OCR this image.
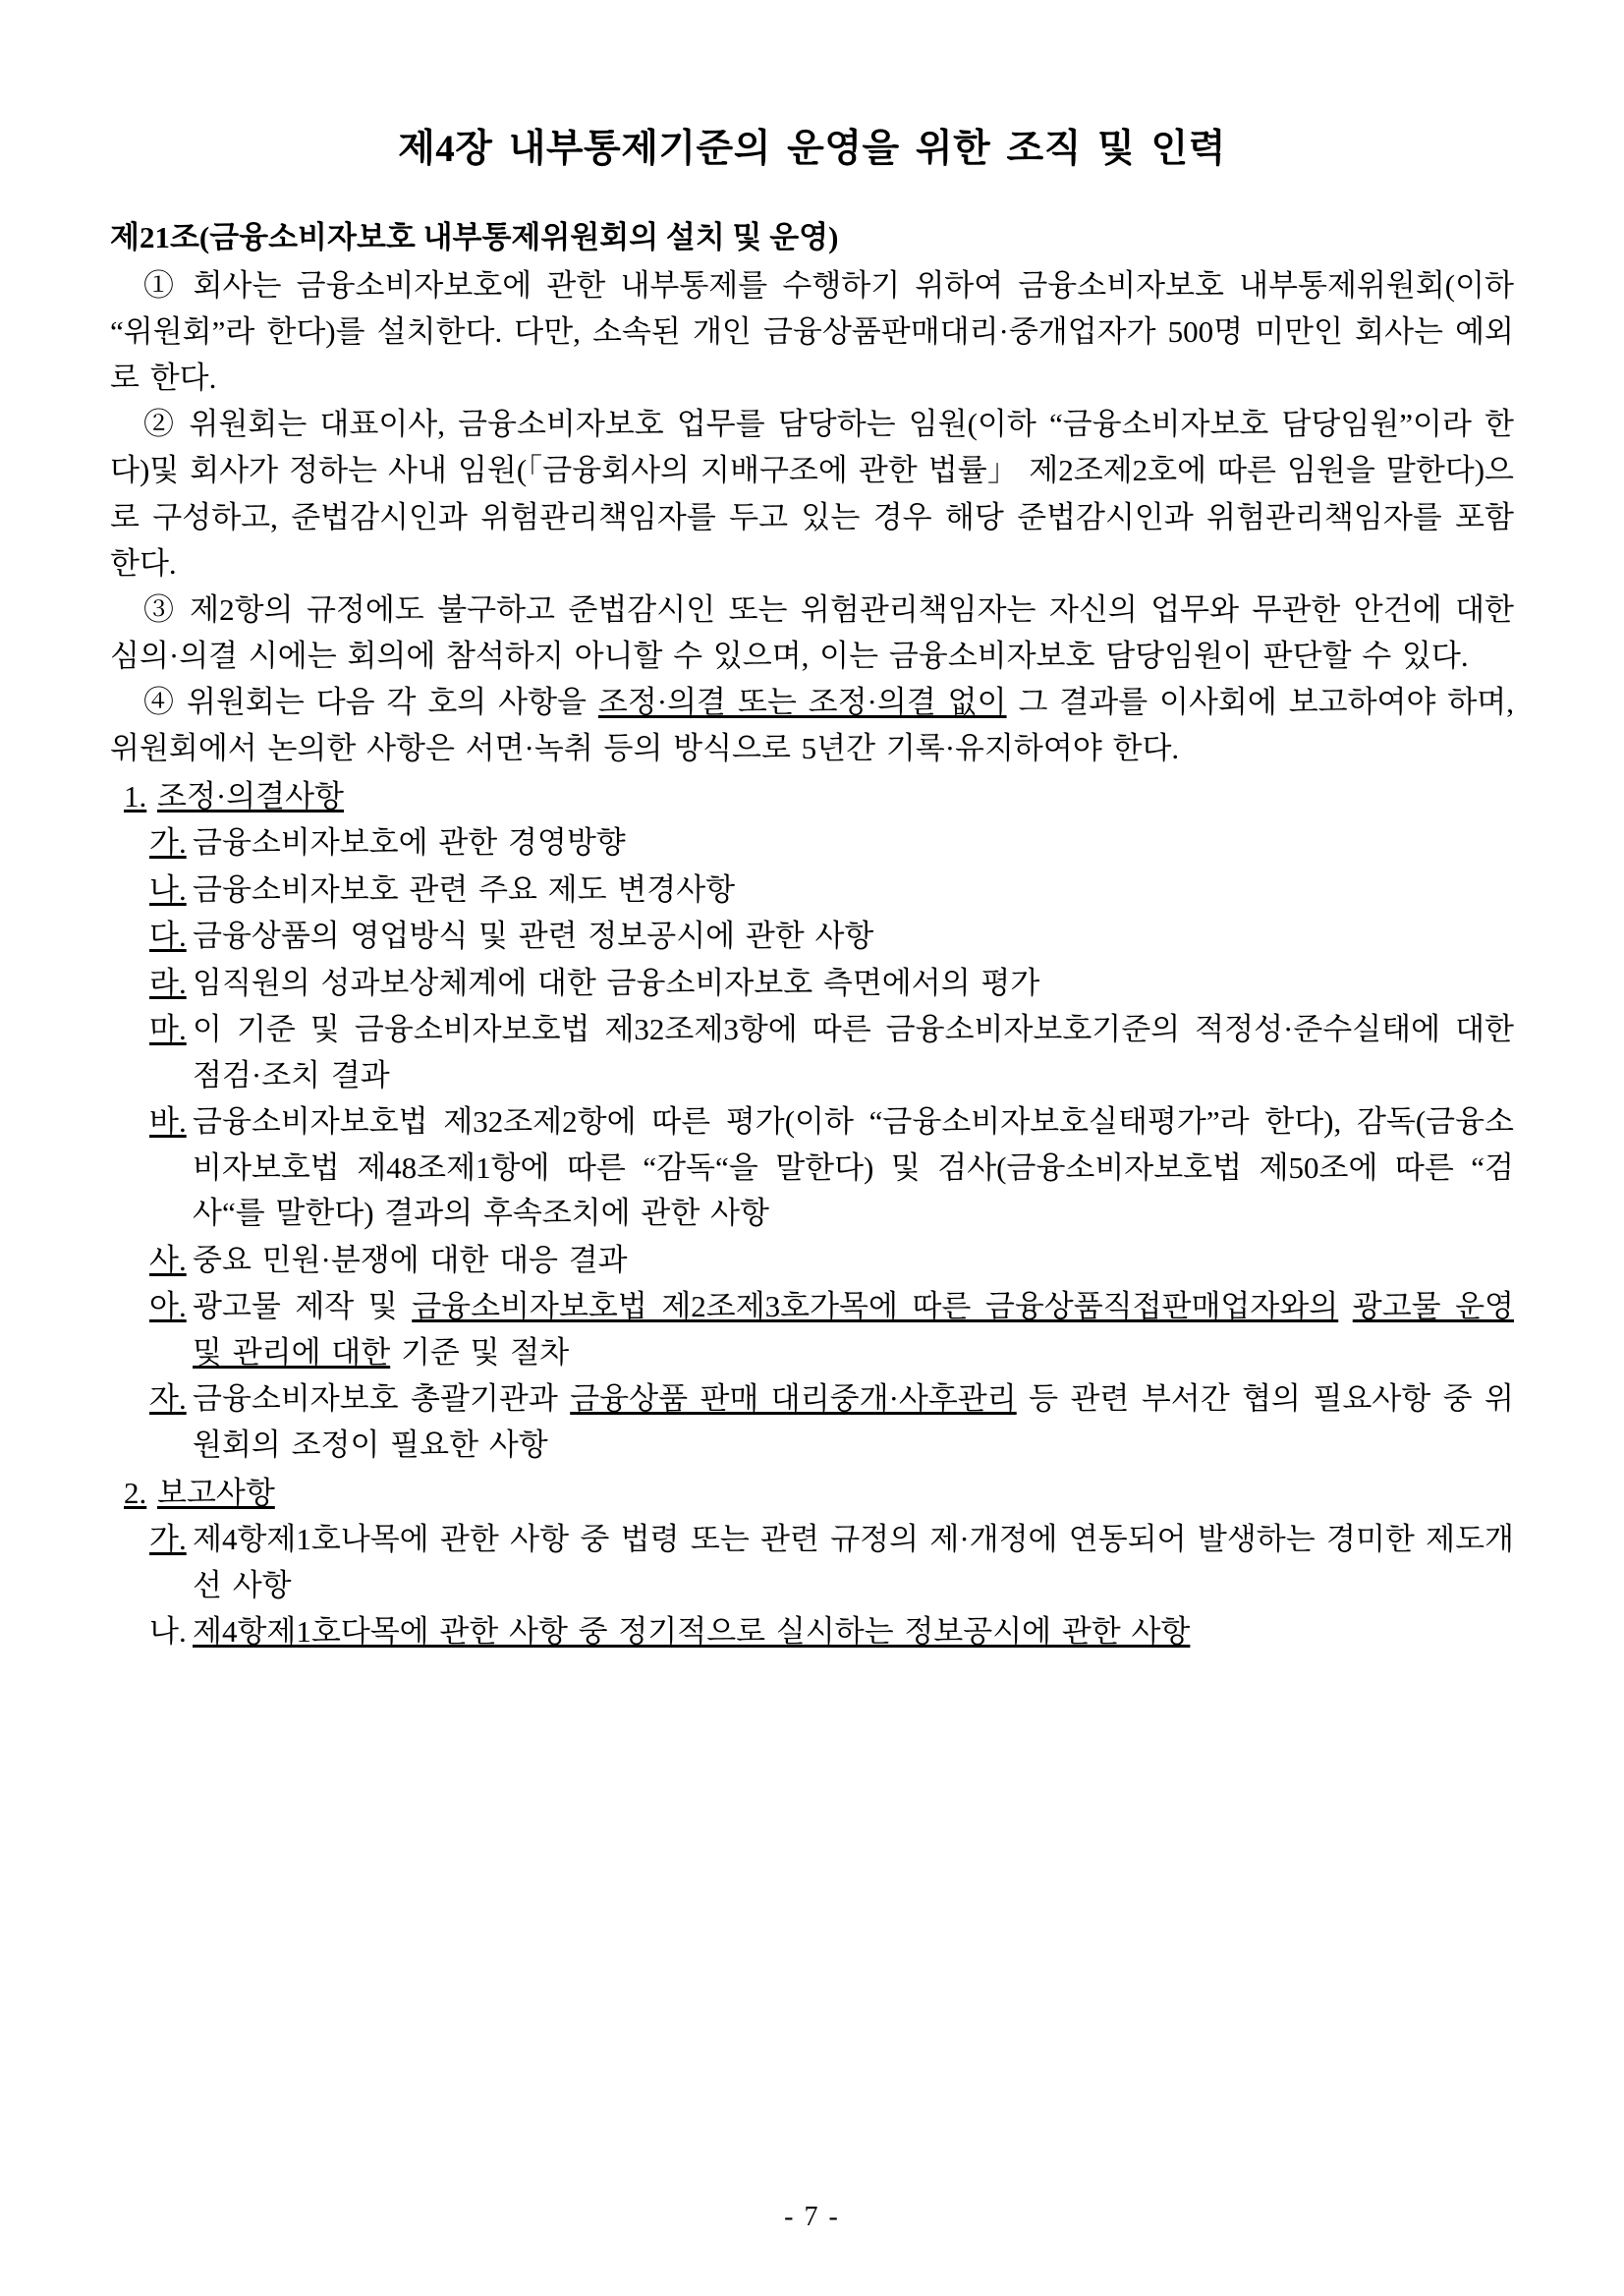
제4장 내부통제기준의 운영을 위한 조직 및 인력
제21조(금융소비자보호 내부통제위원회의 설치 및 운영)

① 회사는 금융소비자보호에 관한 내부통제를 수행하기 위하여 금융소비자보호 내부통제위원회(이하 “위원회”라 한다)를 설치한다. 다만, 소속된 개인 금융상품판매대리·중개업자가 500명 미만인 회사는 예외로 한다.

② 위원회는 대표이사, 금융소비자보호 업무를 담당하는 임원(이하 “금융소비자보호 담당임원”이라 한다)및 회사가 정하는 사내 임원(「금융회사의 지배구조에 관한 법률」 제2조제2호에 따른 임원을 말한다)으로 구성하고, 준법감시인과 위험관리책임자를 두고 있는 경우 해당 준법감시인과 위험관리책임자를 포함한다.

③ 제2항의 규정에도 불구하고 준법감시인 또는 위험관리책임자는 자신의 업무와 무관한 안건에 대한 심의·의결 시에는 회의에 참석하지 아니할 수 있으며, 이는 금융소비자보호 담당임원이 판단할 수 있다.

④ 위원회는 다음 각 호의 사항을 조정·의결 또는 조정·의결 없이 그 결과를 이사회에 보고하여야 하며, 위원회에서 논의한 사항은 서면·녹취 등의 방식으로 5년간 기록·유지하여야 한다.

1. 조정·의결사항
가. 금융소비자보호에 관한 경영방향
나. 금융소비자보호 관련 주요 제도 변경사항
다. 금융상품의 영업방식 및 관련 정보공시에 관한 사항
라. 임직원의 성과보상체계에 대한 금융소비자보호 측면에서의 평가
마. 이 기준 및 금융소비자보호법 제32조제3항에 따른 금융소비자보호기준의 적정성·준수실태에 대한 점검·조치 결과
바. 금융소비자보호법 제32조제2항에 따른 평가(이하 “금융소비자보호실태평가”라 한다), 감독(금융소비자보호법 제48조제1항에 따른 “감독“을 말한다) 및 검사(금융소비자보호법 제50조에 따른 “검사“를 말한다) 결과의 후속조치에 관한 사항
사. 중요 민원·분쟁에 대한 대응 결과
아. 광고물 제작 및 금융소비자보호법 제2조제3호가목에 따른 금융상품직접판매업자와의 광고물 운영 및 관리에 대한 기준 및 절차
자. 금융소비자보호 총괄기관과 금융상품 판매 대리중개·사후관리 등 관련 부서간 협의 필요사항 중 위원회의 조정이 필요한 사항
2. 보고사항
가. 제4항제1호나목에 관한 사항 중 법령 또는 관련 규정의 제·개정에 연동되어 발생하는 경미한 제도개선 사항
나. 제4항제1호다목에 관한 사항 중 정기적으로 실시하는 정보공시에 관한 사항
- 7 -
